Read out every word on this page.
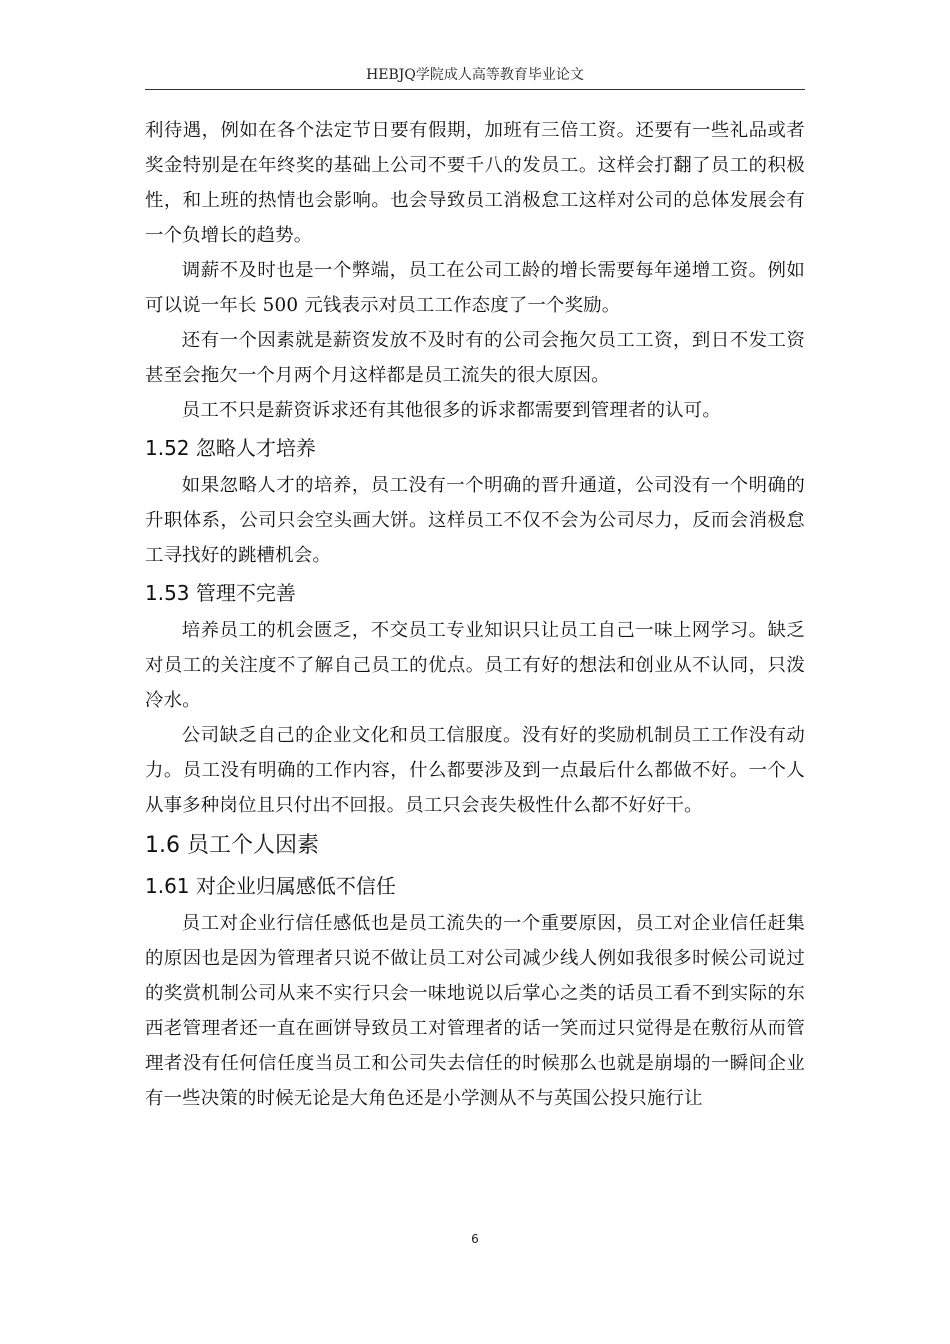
HEBJQ学院成人高等教育毕业论文

利待遇，例如在各个法定节日要有假期，加班有三倍工资。还要有一些礼品或者奖金特别是在年终奖的基础上公司不要千八的发员工。这样会打翻了员工的积极性，和上班的热情也会影响。也会导致员工消极怠工这样对公司的总体发展会有一个负增长的趋势。

调薪不及时也是一个弊端，员工在公司工龄的增长需要每年递增工资。例如可以说一年长 500 元钱表示对员工工作态度了一个奖励。

还有一个因素就是薪资发放不及时有的公司会拖欠员工工资，到日不发工资甚至会拖欠一个月两个月这样都是员工流失的很大原因。

员工不只是薪资诉求还有其他很多的诉求都需要到管理者的认可。

1.52 忽略人才培养

如果忽略人才的培养，员工没有一个明确的晋升通道，公司没有一个明确的升职体系，公司只会空头画大饼。这样员工不仅不会为公司尽力，反而会消极怠工寻找好的跳槽机会。

1.53 管理不完善

培养员工的机会匮乏，不交员工专业知识只让员工自己一味上网学习。缺乏对员工的关注度不了解自己员工的优点。员工有好的想法和创业从不认同，只泼冷水。

公司缺乏自己的企业文化和员工信服度。没有好的奖励机制员工工作没有动力。员工没有明确的工作内容，什么都要涉及到一点最后什么都做不好。一个人从事多种岗位且只付出不回报。员工只会丧失极性什么都不好好干。

1.6 员工个人因素
1.61 对企业归属感低不信任

员工对企业行信任感低也是员工流失的一个重要原因，员工对企业信任赶集的原因也是因为管理者只说不做让员工对公司减少线人例如我很多时候公司说过的奖赏机制公司从来不实行只会一味地说以后掌心之类的话员工看不到实际的东西老管理者还一直在画饼导致员工对管理者的话一笑而过只觉得是在敷衍从而管理者没有任何信任度当员工和公司失去信任的时候那么也就是崩塌的一瞬间企业有一些决策的时候无论是大角色还是小学测从不与英国公投只施行让

6
